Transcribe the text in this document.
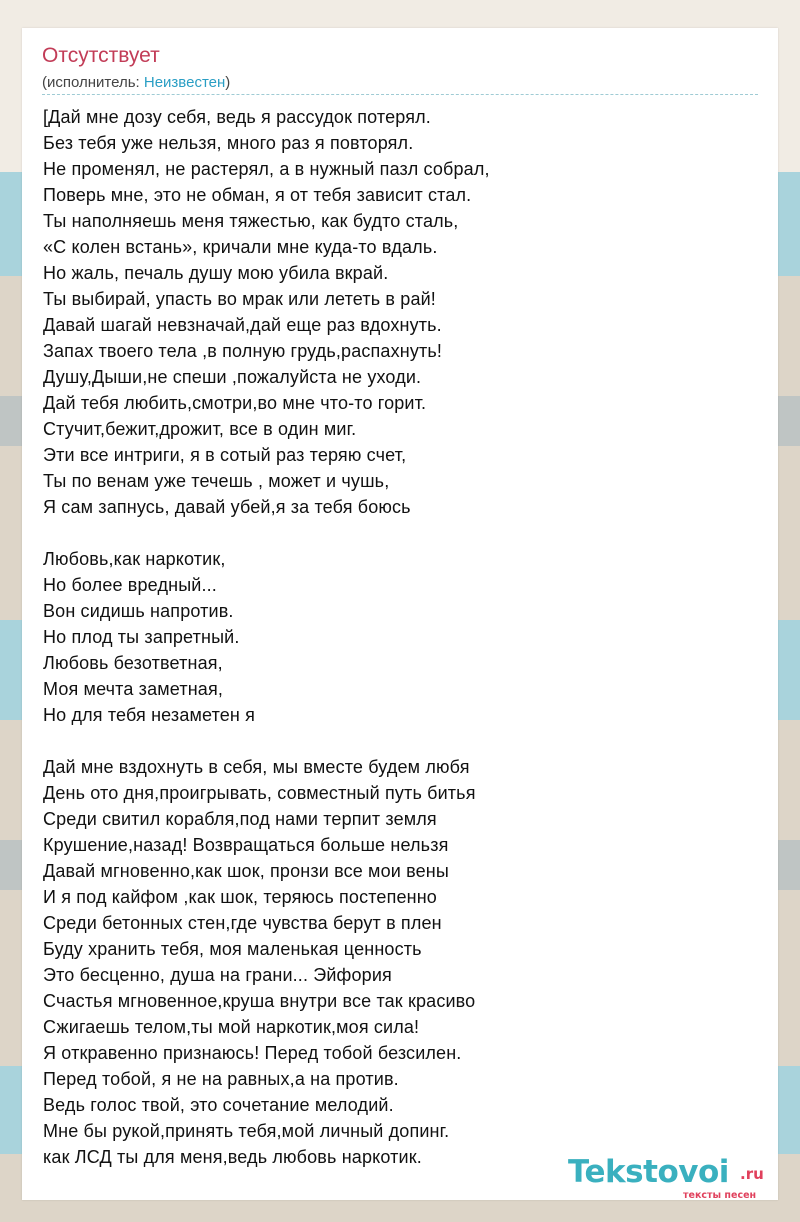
Отсутствует
(исполнитель: Неизвестен)
[Дай мне дозу себя, ведь я рассудок потерял.
Без тебя уже нельзя, много раз я повторял.
Не променял, не растерял, а в нужный пазл собрал,
Поверь мне, это не обман, я от тебя зависит стал.
Ты наполняешь меня тяжестью, как будто сталь,
«С колен встань», кричали мне куда-то вдаль.
Но жаль, печаль душу мою убила вкрай.
Ты выбирай, упасть во мрак или лететь в рай!
Давай шагай невзначай,дай еще раз вдохнуть.
Запах твоего тела ,в полную грудь,распахнуть!
Душу,Дыши,не спеши ,пожалуйста не уходи.
Дай тебя любить,смотри,во мне что-то горит.
Стучит,бежит,дрожит, все в один миг.
Эти все интриги, я в сотый раз теряю счет,
Ты по венам уже течешь , может и чушь,
Я сам запнусь, давай убей,я за тебя боюсь
Любовь,как наркотик,
Но более вредный...
Вон сидишь напротив.
Но плод ты запретный.
Любовь безответная,
Моя мечта заметная,
Но для тебя незаметен я
Дай мне вздохнуть в себя, мы вместе будем любя
День ото дня,проигрывать, совместный путь битья
Среди свитил корабля,под нами терпит земля
Крушение,назад! Возвращаться больше нельзя
Давай мгновенно,как шок, пронзи все мои вены
И я под кайфом ,как шок, теряюсь постепенно
Среди бетонных стен,где чувства берут в плен
Буду хранить тебя, моя маленькая ценность
Это бесценно, душа на грани... Эйфория
Счастья мгновенное,круша внутри все так красиво
Сжигаешь телом,ты мой наркотик,моя сила!
Я откравенно признаюсь! Перед тобой безсилен.
Перед тобой, я не на равных,а на против.
Ведь голос твой, это сочетание мелодий.
Мне бы рукой,принять тебя,мой личный допинг.
как ЛСД ты для меня,ведь любовь наркотик.	Tekstovoi .ru
тексты песен
